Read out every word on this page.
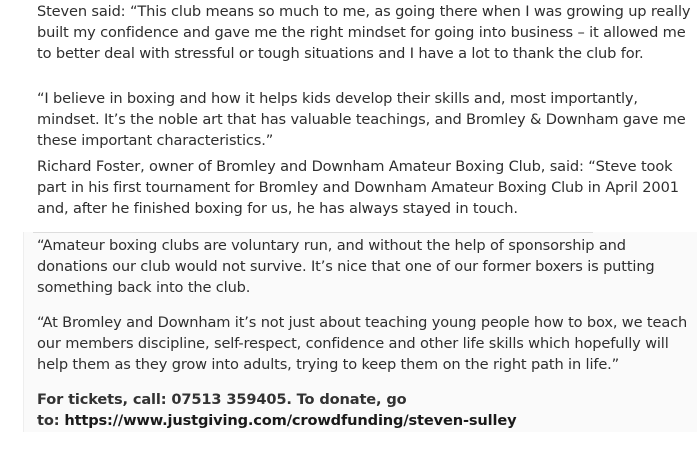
Steven said: “This club means so much to me, as going there when I was growing up really
built my confidence and gave me the right mindset for going into business – it allowed me
to better deal with stressful or tough situations and I have a lot to thank the club for.

“I believe in boxing and how it helps kids develop their skills and, most importantly,
mindset. It’s the noble art that has valuable teachings, and Bromley & Downham gave me
these important characteristics.”

Richard Foster, owner of Bromley and Downham Amateur Boxing Club, said: “Steve took
part in his first tournament for Bromley and Downham Amateur Boxing Club in April 2001
and, after he finished boxing for us, he has always stayed in touch.

“Amateur boxing clubs are voluntary run, and without the help of sponsorship and
donations our club would not survive. It’s nice that one of our former boxers is putting
something back into the club.

“At Bromley and Downham it’s not just about teaching young people how to box, we teach
our members discipline, self-respect, confidence and other life skills which hopefully will
help them as they grow into adults, trying to keep them on the right path in life.”

For tickets, call: 07513 359405. To donate, go
to: https://www.justgiving.com/crowdfunding/steven-sulley
